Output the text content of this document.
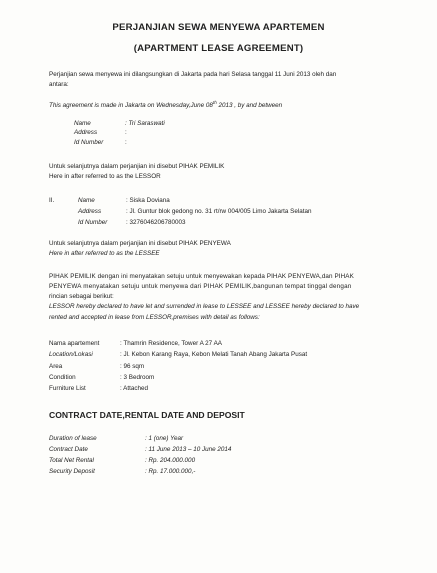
PERJANJIAN SEWA MENYEWA APARTEMEN
(APARTMENT LEASE AGREEMENT)
Perjanjian sewa menyewa ini dilangsungkan di Jakarta pada hari Selasa tanggal 11 Juni 2013 oleh dan
antara:
This agreement is made in Jakarta on Wednesday,June 08th 2013 , by and between
Name	: Tri Saraswati
Address	:
Id Number	:
Untuk selanjutnya dalam perjanjian ini disebut PIHAK PEMILIK
Here in after referred to as the LESSOR
II.	Name	: Siska Doviana
Address	: Jl. Guntur blok gedong no. 31 rt/rw 004/005 Limo Jakarta Selatan
Id Number	: 3276046206780003
Untuk selanjutnya dalam perjanjian ini disebut PIHAK PENYEWA
Here in after referred to as the LESSEE
PIHAK PEMILIK dengan ini menyatakan setuju untuk menyewakan kepada PIHAK PENYEWA,dan PIHAK
PENYEWA menyatakan setuju untuk menyewa dari PIHAK PEMILIK,bangunan tempat tinggal dengan
rincian sebagai berikut:
LESSOR hereby declared to have let and surrended in lease to LESSEE and LESSEE hereby declared to have
rented and accepted in lease from LESSOR,premises with detail as follows:
Nama apartement	: Thamrin Residence, Tower A 27 AA
Location/Lokasi	: Jl. Kebon Karang Raya, Kebon Melati Tanah Abang Jakarta Pusat
Area	: 96 sqm
Condition	: 3 Bedroom
Furniture List	: Attached
CONTRACT DATE,RENTAL DATE AND DEPOSIT
Duration of lease	: 1 (one) Year
Contract Date	: 11 June 2013 – 10 June 2014
Total Net Rental	: Rp. 204.000.000
Security Deposit	: Rp. 17.000.000,-
